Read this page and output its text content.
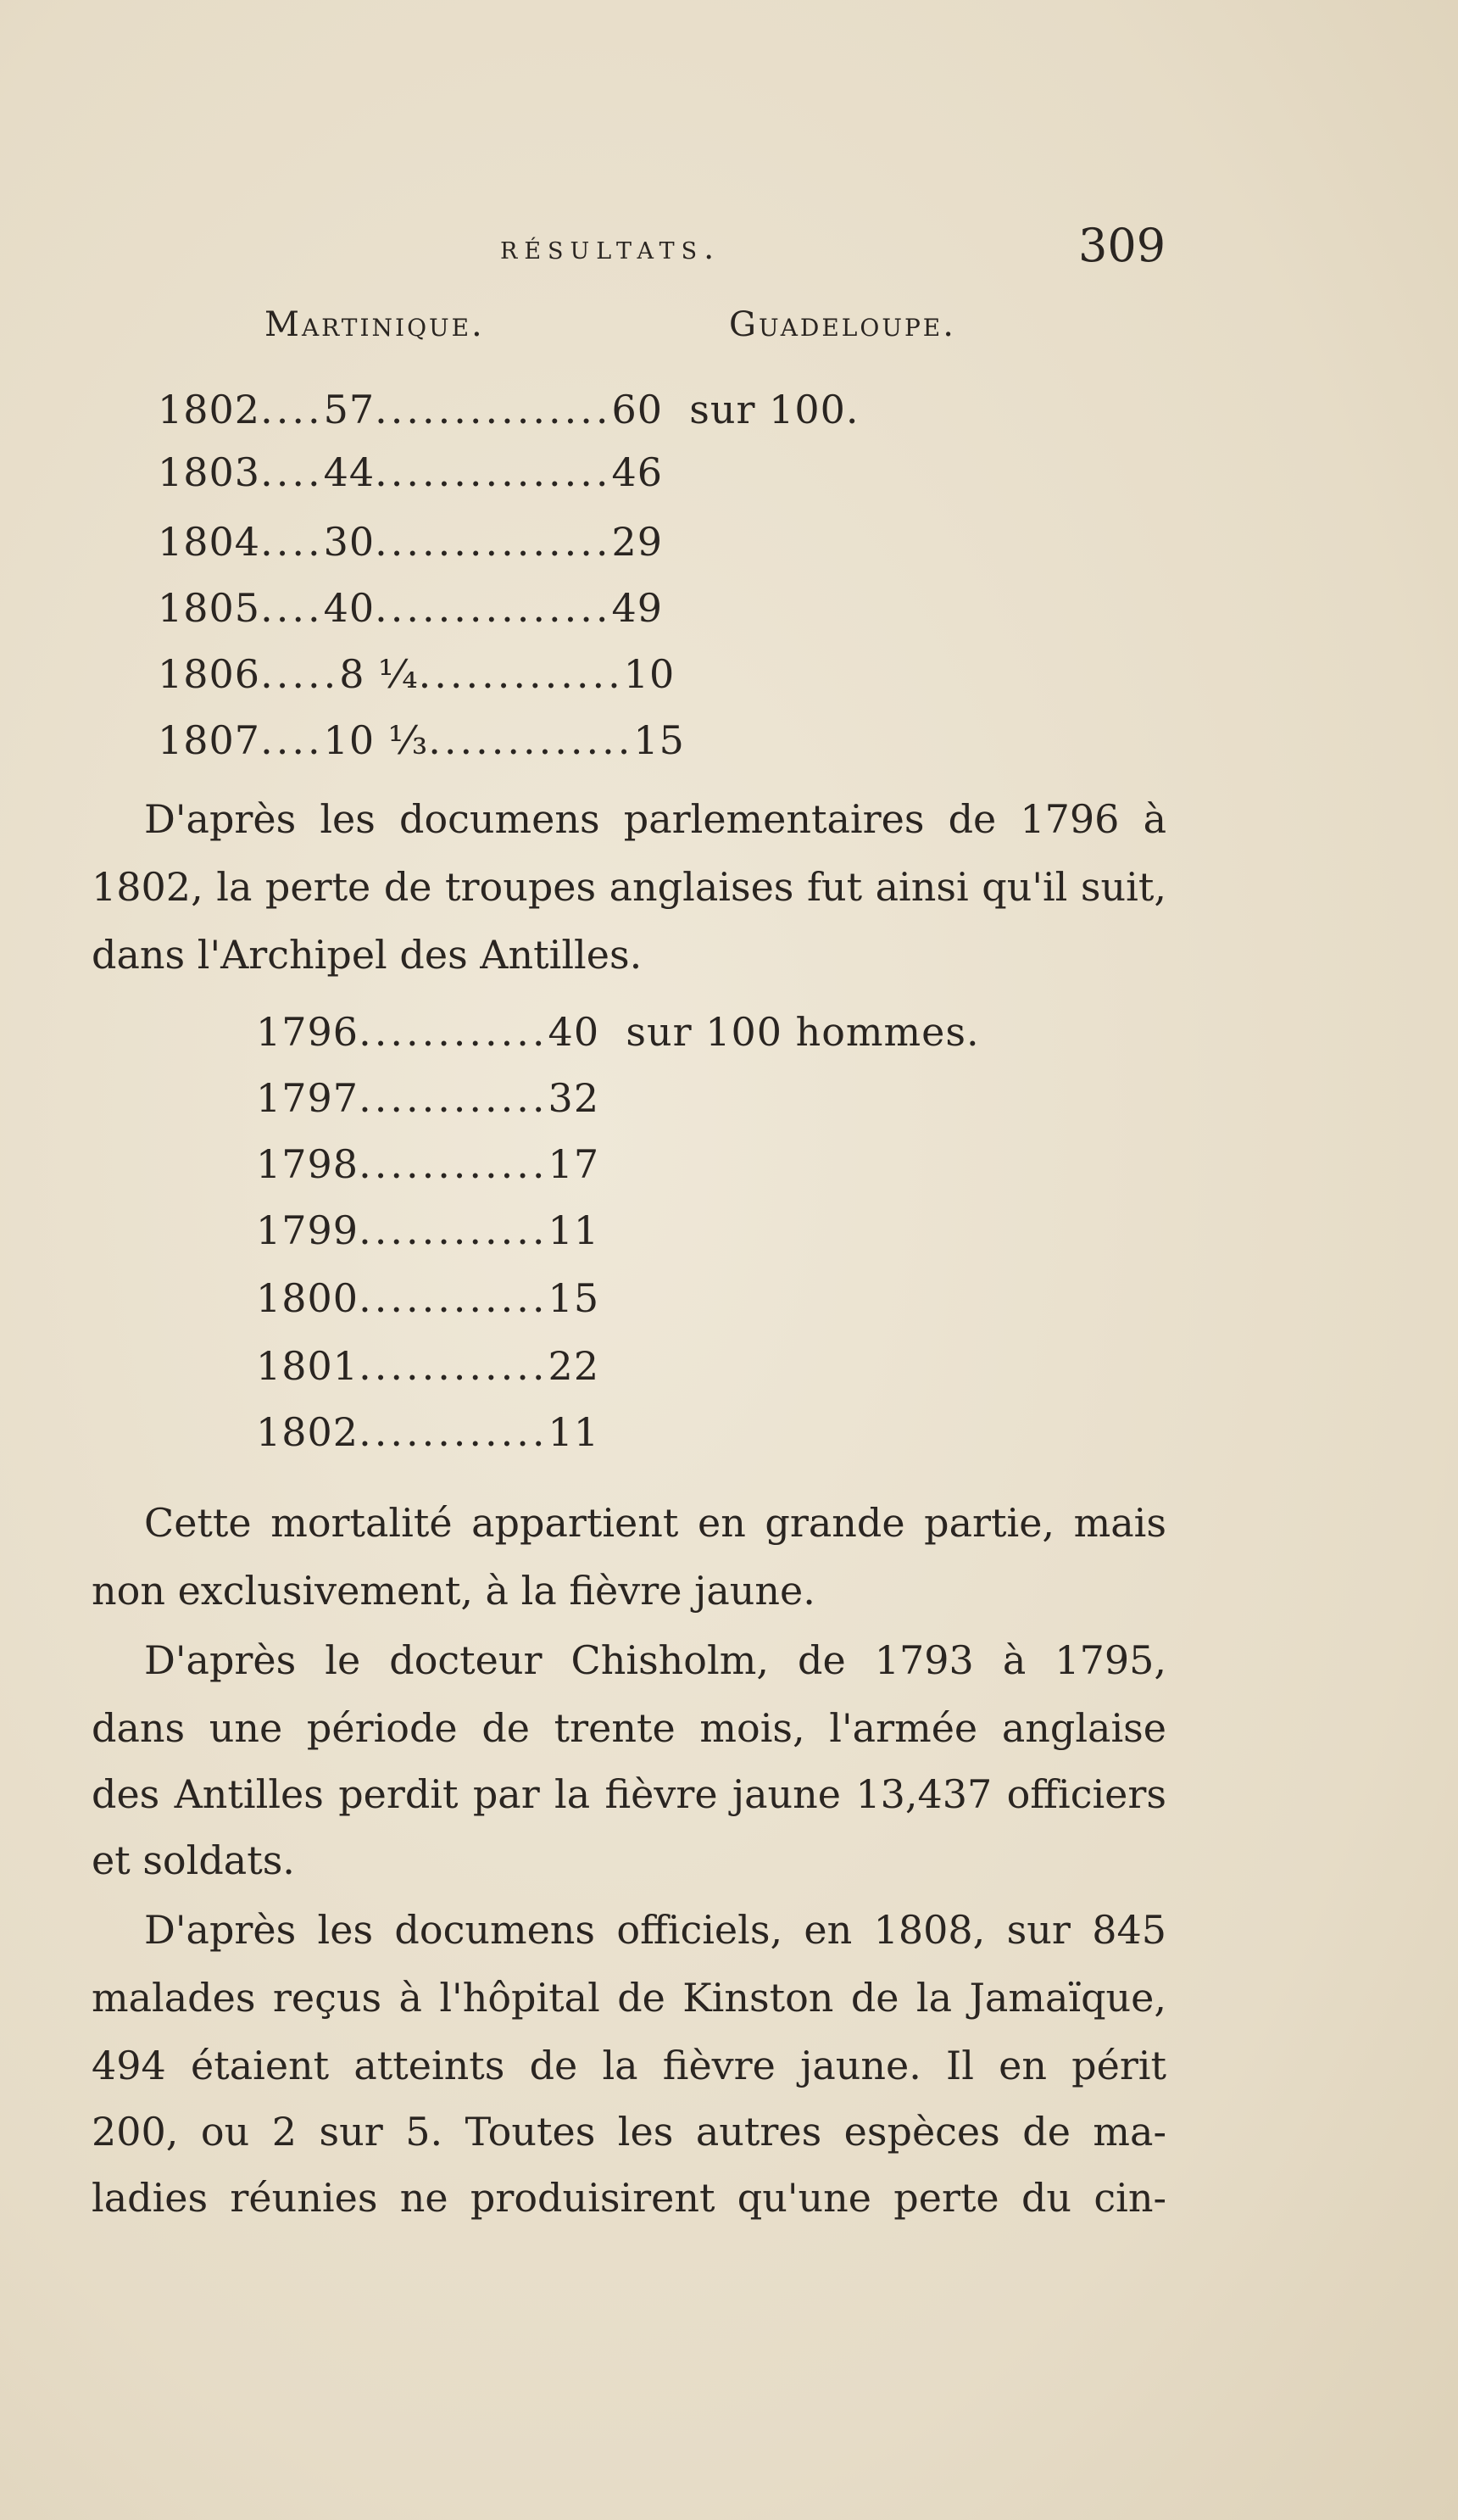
résultats.	309
Martinique.	Guadeloupe.
1802....57...............60 sur 100.
1803....44...............46
1804....30...............29
1805....40...............49
1806.....8 ¹⁄₄.............10
1807....10 ¹⁄₃.............15
D'après les documens parlementaires de 1796 à
1802, la perte de troupes anglaises fut ainsi qu'il suit,
dans l'Archipel des Antilles.
1796............40 sur 100 hommes.
1797............32
1798............17
1799............11
1800............15
1801............22
1802............11
Cette mortalité appartient en grande partie, mais
non exclusivement, à la fièvre jaune.
D'après le docteur Chisholm, de 1793 à 1795,
dans une période de trente mois, l'armée anglaise
des Antilles perdit par la fièvre jaune 13,437 officiers
et soldats.
D'après les documens officiels, en 1808, sur 845
malades reçus à l'hôpital de Kinston de la Jamaïque,
494 étaient atteints de la fièvre jaune. Il en périt
200, ou 2 sur 5. Toutes les autres espèces de ma-
ladies réunies ne produisirent qu'une perte du cin-
